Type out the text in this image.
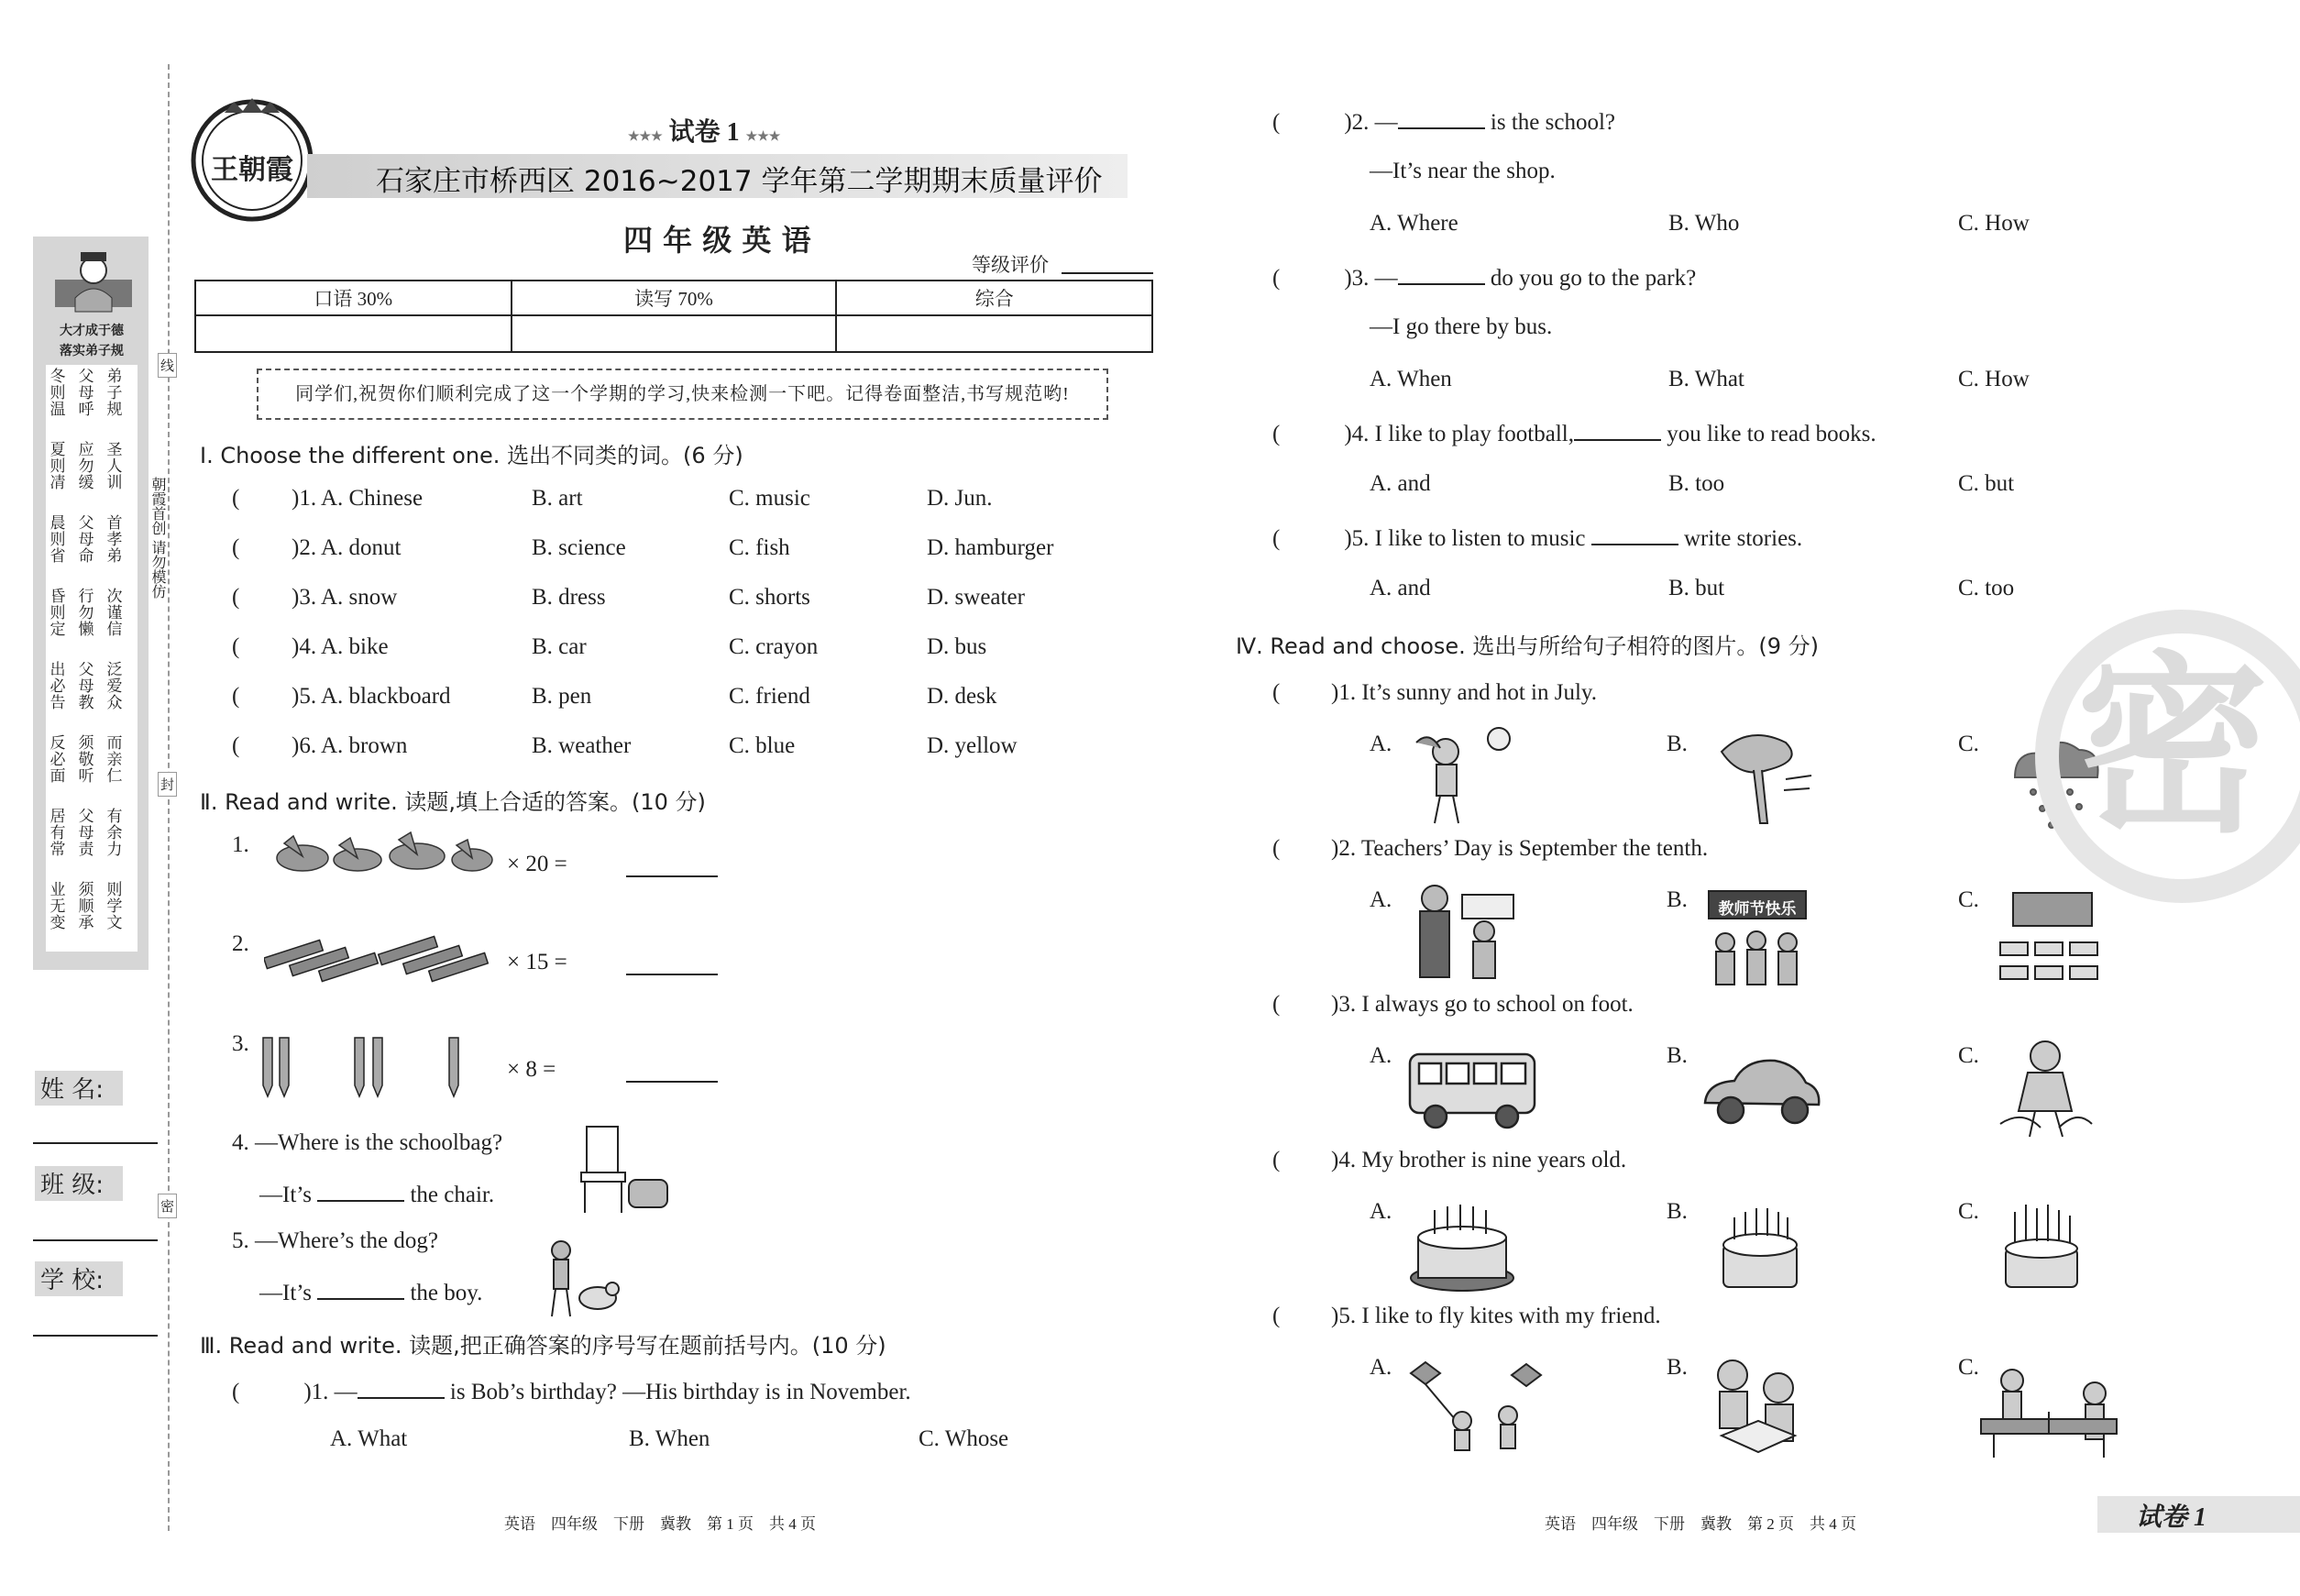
大才成于德
落实弟子规
冬则温
父母呼
弟子规
夏则凊
应勿缓
圣人训
晨则省
父母命
首孝弟
昏则定
行勿懒
次谨信
出必告
父母教
泛爱众
反必面
须敬听
而亲仁
居有常
父母责
有余力
业无变
须顺承
则学文
朝霞首创 请勿模仿
线
封
密
姓 名:
班 级:
学 校:
王朝霞	石家庄市桥西区 2016~2017 学年第二学期期末质量评价
★★★ 试卷 1 ★★★
四 年 级 英 语
等级评价
口语 30%	读写 70%	综合

同学们,祝贺你们顺利完成了这一个学期的学习,快来检测一下吧。记得卷面整洁,书写规范哟!
Ⅰ. Choose the different one. 选出不同类的词。(6 分)
( )1. A. Chinese	B. art	C. music	D. Jun.
( )2. A. donut	B. science	C. fish	D. hamburger
( )3. A. snow	B. dress	C. shorts	D. sweater
( )4. A. bike	B. car	C. crayon	D. bus
( )5. A. blackboard	B. pen	C. friend	D. desk
( )6. A. brown	B. weather	C. blue	D. yellow
Ⅱ. Read and write. 读题,填上合适的答案。(10 分)
1.
× 20 =
2.
× 15 =
3.
× 8 =
4. —Where is the schoolbag?
—It’s	the chair.
5. —Where’s the dog?
—It’s	the boy.
Ⅲ. Read and write. 读题,把正确答案的序号写在题前括号内。(10 分)
(	)1. —	is Bob’s birthday? —His birthday is in November.
A. What	B. When	C. Whose
(	)2. —	is the school?
—It’s near the shop.
A. Where	B. Who	C. How
(	)3. —	do you go to the park?
—I go there by bus.
A. When	B. What	C. How
(	)4. I like to play football,	you like to read books.
A. and	B. too	C. but
(	)5. I like to listen to music	write stories.
A. and	B. but	C. too
Ⅳ. Read and choose. 选出与所给句子相符的图片。(9 分)
( )1. It’s sunny and hot in July.
A.	B.	C.
( )2. Teachers’ Day is September the tenth.
A.	B.	C.
( )3. I always go to school on foot.
A.	B.	C.
( )4. My brother is nine years old.
A.	B.	C.
( )5. I like to fly kites with my friend.
A.	B.	C.
教师节快乐
密
英语　四年级　下册　冀教　第 1 页　共 4 页	英语　四年级　下册　冀教　第 2 页　共 4 页	试卷 1
